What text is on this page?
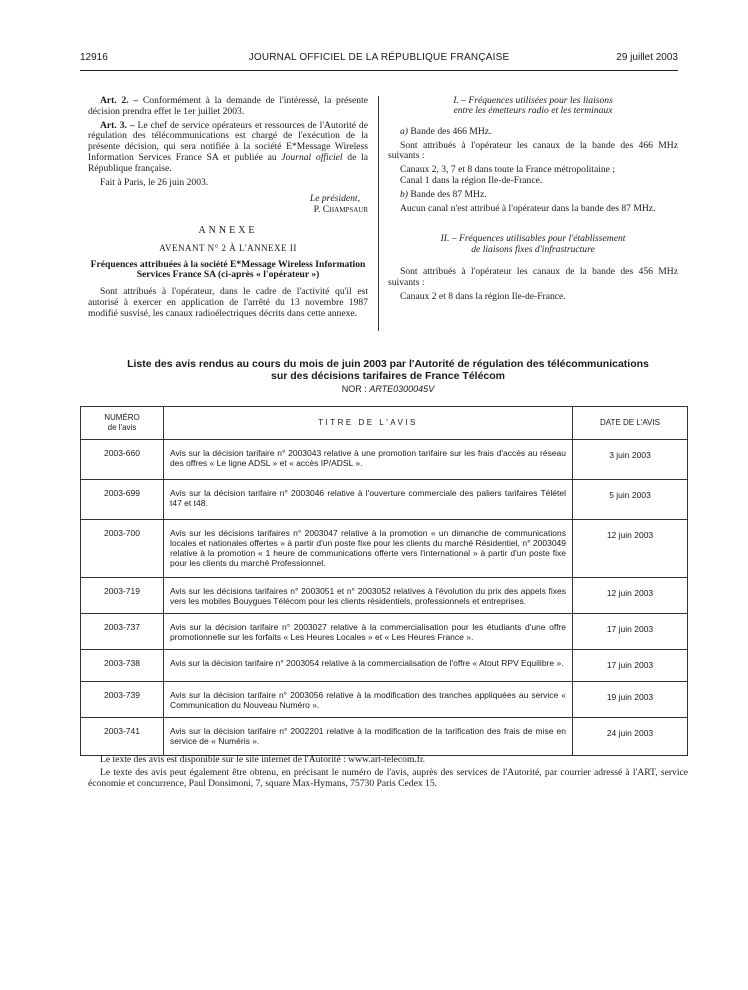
12916	JOURNAL OFFICIEL DE LA RÉPUBLIQUE FRANÇAISE	29 juillet 2003

Art. 2. – Conformément à la demande de l'intéressé, la présente décision prendra effet le 1er juillet 2003.

Art. 3. – Le chef de service opérateurs et ressources de l'Autorité de régulation des télécommunications est chargé de l'exécution de la présente décision, qui sera notifiée à la société E*Message Wireless Information Services France SA et publiée au Journal officiel de la République française.

Fait à Paris, le 26 juin 2003.

Le président,

P. Champsaur

ANNEXE

AVENANT N° 2 À L'ANNEXE II

Fréquences attribuées à la société E*Message Wireless Information Services France SA (ci-après « l'opérateur »)

Sont attribués à l'opérateur, dans le cadre de l'activité qu'il est autorisé à exercer en application de l'arrêté du 13 novembre 1987 modifié susvisé, les canaux radioélectriques décrits dans cette annexe.

I. – Fréquences utilisées pour les liaisons
entre les émetteurs radio et les terminaux

a) Bande des 466 MHz.

Sont attribués à l'opérateur les canaux de la bande des 466 MHz suivants :

Canaux 2, 3, 7 et 8 dans toute la France métropolitaine ;

Canal 1 dans la région Ile-de-France.

b) Bande des 87 MHz.

Aucun canal n'est attribué à l'opérateur dans la bande des 87 MHz.

II. – Fréquences utilisables pour l'établissement
de liaisons fixes d'infrastructure

Sont attribués à l'opérateur les canaux de la bande des 456 MHz suivants :

Canaux 2 et 8 dans la région Ile-de-France.

Liste des avis rendus au cours du mois de juin 2003 par l'Autorité de régulation des télécommunications
sur des décisions tarifaires de France Télécom
NOR : ARTE0300045V
NUMÉRO
de l'avis	TITRE DE L'AVIS	DATE DE L'AVIS
2003-660	Avis sur la décision tarifaire n° 2003043 relative à une promotion tarifaire sur les frais d'accès au réseau des offres « Le ligne ADSL » et « accès IP/ADSL ».	3 juin 2003
2003-699	Avis sur la décision tarifaire n° 2003046 relative à l'ouverture commerciale des paliers tarifaires Télétel t47 et t48.	5 juin 2003
2003-700	Avis sur les décisions tarifaires n° 2003047 relative à la promotion « un dimanche de communications locales et nationales offertes » à partir d'un poste fixe pour les clients du marché Résidentiel, n° 2003049 relative à la promotion « 1 heure de communications offerte vers l'international » à partir d'un poste fixe pour les clients du marché Professionnel.	12 juin 2003
2003-719	Avis sur les décisions tarifaires n° 2003051 et n° 2003052 relatives à l'évolution du prix des appels fixes vers les mobiles Bouygues Télécom pour les clients résidentiels, professionnels et entreprises.	12 juin 2003
2003-737	Avis sur la décision tarifaire n° 2003027 relative à la commercialisation pour les étudiants d'une offre promotionnelle sur les forfaits « Les Heures Locales » et « Les Heures France ».	17 juin 2003
2003-738	Avis sur la décision tarifaire n° 2003054 relative à la commercialisation de l'offre « Atout RPV Equilibre ».	17 juin 2003
2003-739	Avis sur la décision tarifaire n° 2003056 relative à la modification des tranches appliquées au service « Communication du Nouveau Numéro ».	19 juin 2003
2003-741	Avis sur la décision tarifaire n° 2002201 relative à la modification de la tarification des frais de mise en service de « Numéris ».	24 juin 2003

Le texte des avis est disponible sur le site internet de l'Autorité : www.art-telecom.fr.

Le texte des avis peut également être obtenu, en précisant le numéro de l'avis, auprès des services de l'Autorité, par courrier adressé à l'ART, service économie et concurrence, Paul Donsimoni, 7, square Max-Hymans, 75730 Paris Cedex 15.
